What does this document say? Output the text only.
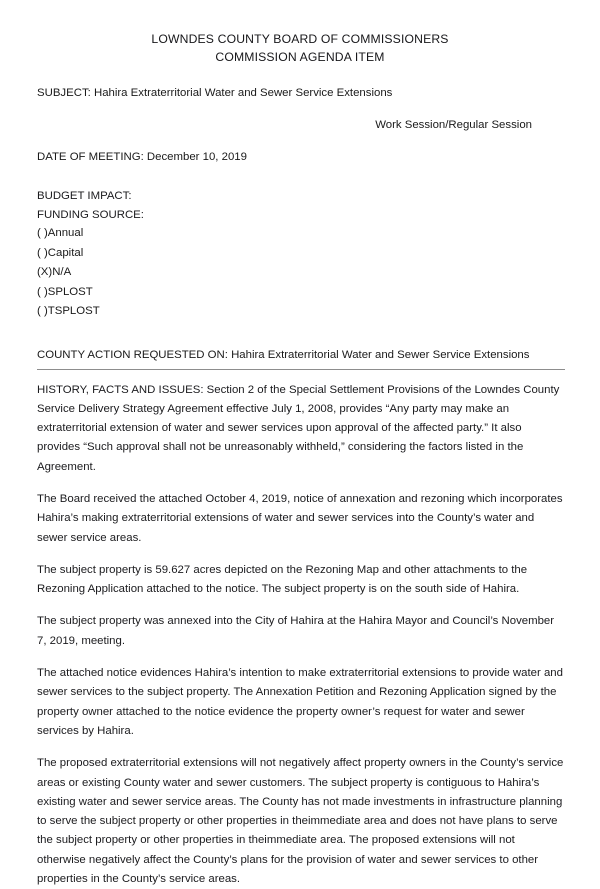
LOWNDES COUNTY BOARD OF COMMISSIONERS
COMMISSION AGENDA ITEM
SUBJECT: Hahira Extraterritorial Water and Sewer Service Extensions
Work Session/Regular Session
DATE OF MEETING: December 10, 2019
BUDGET IMPACT:
FUNDING SOURCE:
( )Annual
( )Capital
(X)N/A
( )SPLOST
( )TSPLOST
COUNTY ACTION REQUESTED ON: Hahira Extraterritorial Water and Sewer Service Extensions

HISTORY, FACTS AND ISSUES: Section 2 of the Special Settlement Provisions of the Lowndes County Service Delivery Strategy Agreement effective July 1, 2008, provides “Any party may make an extraterritorial extension of water and sewer services upon approval of the affected party.” It also provides “Such approval shall not be unreasonably withheld,” considering the factors listed in the Agreement.

The Board received the attached October 4, 2019, notice of annexation and rezoning which incorporates Hahira’s making extraterritorial extensions of water and sewer services into the County’s water and sewer service areas.

The subject property is 59.627 acres depicted on the Rezoning Map and other attachments to the Rezoning Application attached to the notice. The subject property is on the south side of Hahira.

The subject property was annexed into the City of Hahira at the Hahira Mayor and Council’s November 7, 2019, meeting.

The attached notice evidences Hahira’s intention to make extraterritorial extensions to provide water and sewer services to the subject property. The Annexation Petition and Rezoning Application signed by the property owner attached to the notice evidence the property owner’s request for water and sewer services by Hahira.

The proposed extraterritorial extensions will not negatively affect property owners in the County’s service areas or existing County water and sewer customers. The subject property is contiguous to Hahira’s existing water and sewer service areas. The County has not made investments in infrastructure planning to serve the subject property or other properties in theimmediate area and does not have plans to serve the subject property or other properties in theimmediate area. The proposed extensions will not otherwise negatively affect the County’s plans for the provision of water and sewer services to other properties in the County’s service areas.
